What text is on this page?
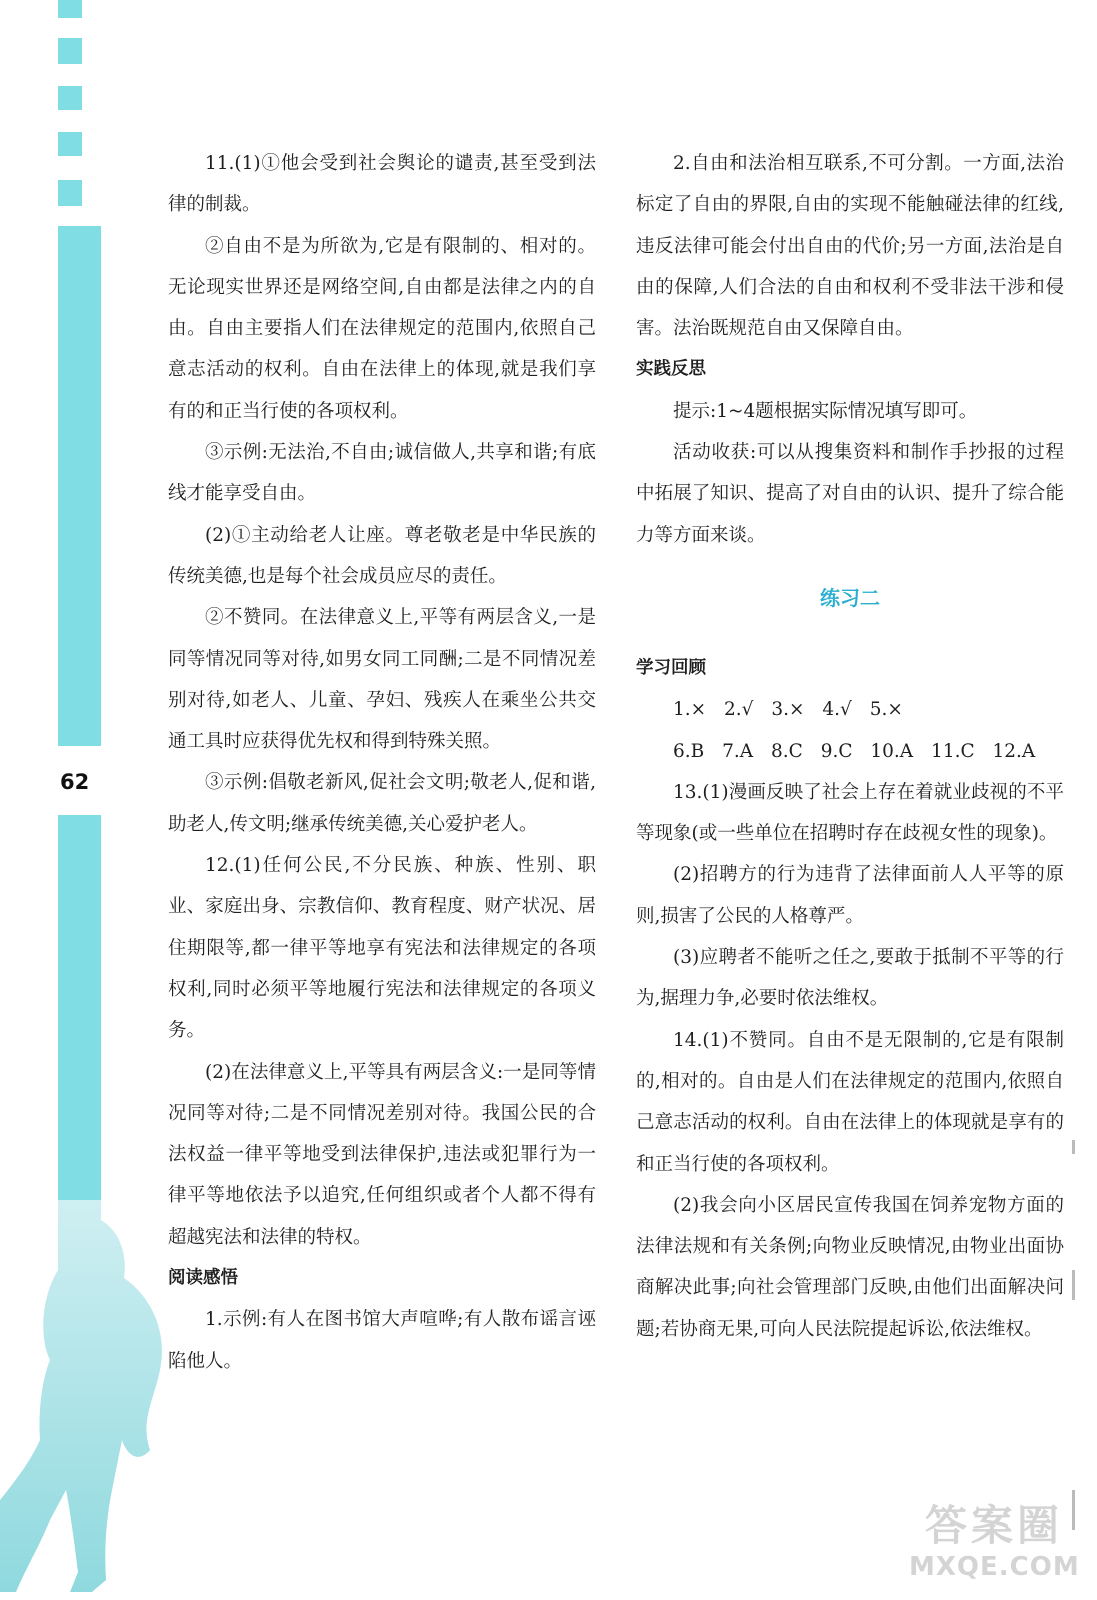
62

11.(1)①他会受到社会舆论的谴责,甚至受到法律的制裁。

②自由不是为所欲为,它是有限制的、相对的。无论现实世界还是网络空间,自由都是法律之内的自由。自由主要指人们在法律规定的范围内,依照自己意志活动的权利。自由在法律上的体现,就是我们享有的和正当行使的各项权利。

③示例:无法治,不自由;诚信做人,共享和谐;有底线才能享受自由。

(2)①主动给老人让座。尊老敬老是中华民族的传统美德,也是每个社会成员应尽的责任。

②不赞同。在法律意义上,平等有两层含义,一是同等情况同等对待,如男女同工同酬;二是不同情况差别对待,如老人、儿童、孕妇、残疾人在乘坐公共交通工具时应获得优先权和得到特殊关照。

③示例:倡敬老新风,促社会文明;敬老人,促和谐,助老人,传文明;继承传统美德,关心爱护老人。

12.(1)任何公民,不分民族、种族、性别、职业、家庭出身、宗教信仰、教育程度、财产状况、居住期限等,都一律平等地享有宪法和法律规定的各项权利,同时必须平等地履行宪法和法律规定的各项义务。

(2)在法律意义上,平等具有两层含义:一是同等情况同等对待;二是不同情况差别对待。我国公民的合法权益一律平等地受到法律保护,违法或犯罪行为一律平等地依法予以追究,任何组织或者个人都不得有超越宪法和法律的特权。

阅读感悟

1.示例:有人在图书馆大声喧哗;有人散布谣言诬陷他人。

2.自由和法治相互联系,不可分割。一方面,法治标定了自由的界限,自由的实现不能触碰法律的红线,违反法律可能会付出自由的代价;另一方面,法治是自由的保障,人们合法的自由和权利不受非法干涉和侵害。法治既规范自由又保障自由。

实践反思

提示:1~4题根据实际情况填写即可。

活动收获:可以从搜集资料和制作手抄报的过程中拓展了知识、提高了对自由的认识、提升了综合能力等方面来谈。

练习二

学习回顾

1.× 2.√ 3.× 4.√ 5.×

6.B 7.A 8.C 9.C 10.A 11.C 12.A

13.(1)漫画反映了社会上存在着就业歧视的不平等现象(或一些单位在招聘时存在歧视女性的现象)。

(2)招聘方的行为违背了法律面前人人平等的原则,损害了公民的人格尊严。

(3)应聘者不能听之任之,要敢于抵制不平等的行为,据理力争,必要时依法维权。

14.(1)不赞同。自由不是无限制的,它是有限制的,相对的。自由是人们在法律规定的范围内,依照自己意志活动的权利。自由在法律上的体现就是享有的和正当行使的各项权利。

(2)我会向小区居民宣传我国在饲养宠物方面的法律法规和有关条例;向物业反映情况,由物业出面协商解决此事;向社会管理部门反映,由他们出面解决问题;若协商无果,可向人民法院提起诉讼,依法维权。

答案圈
MXQE.COM
